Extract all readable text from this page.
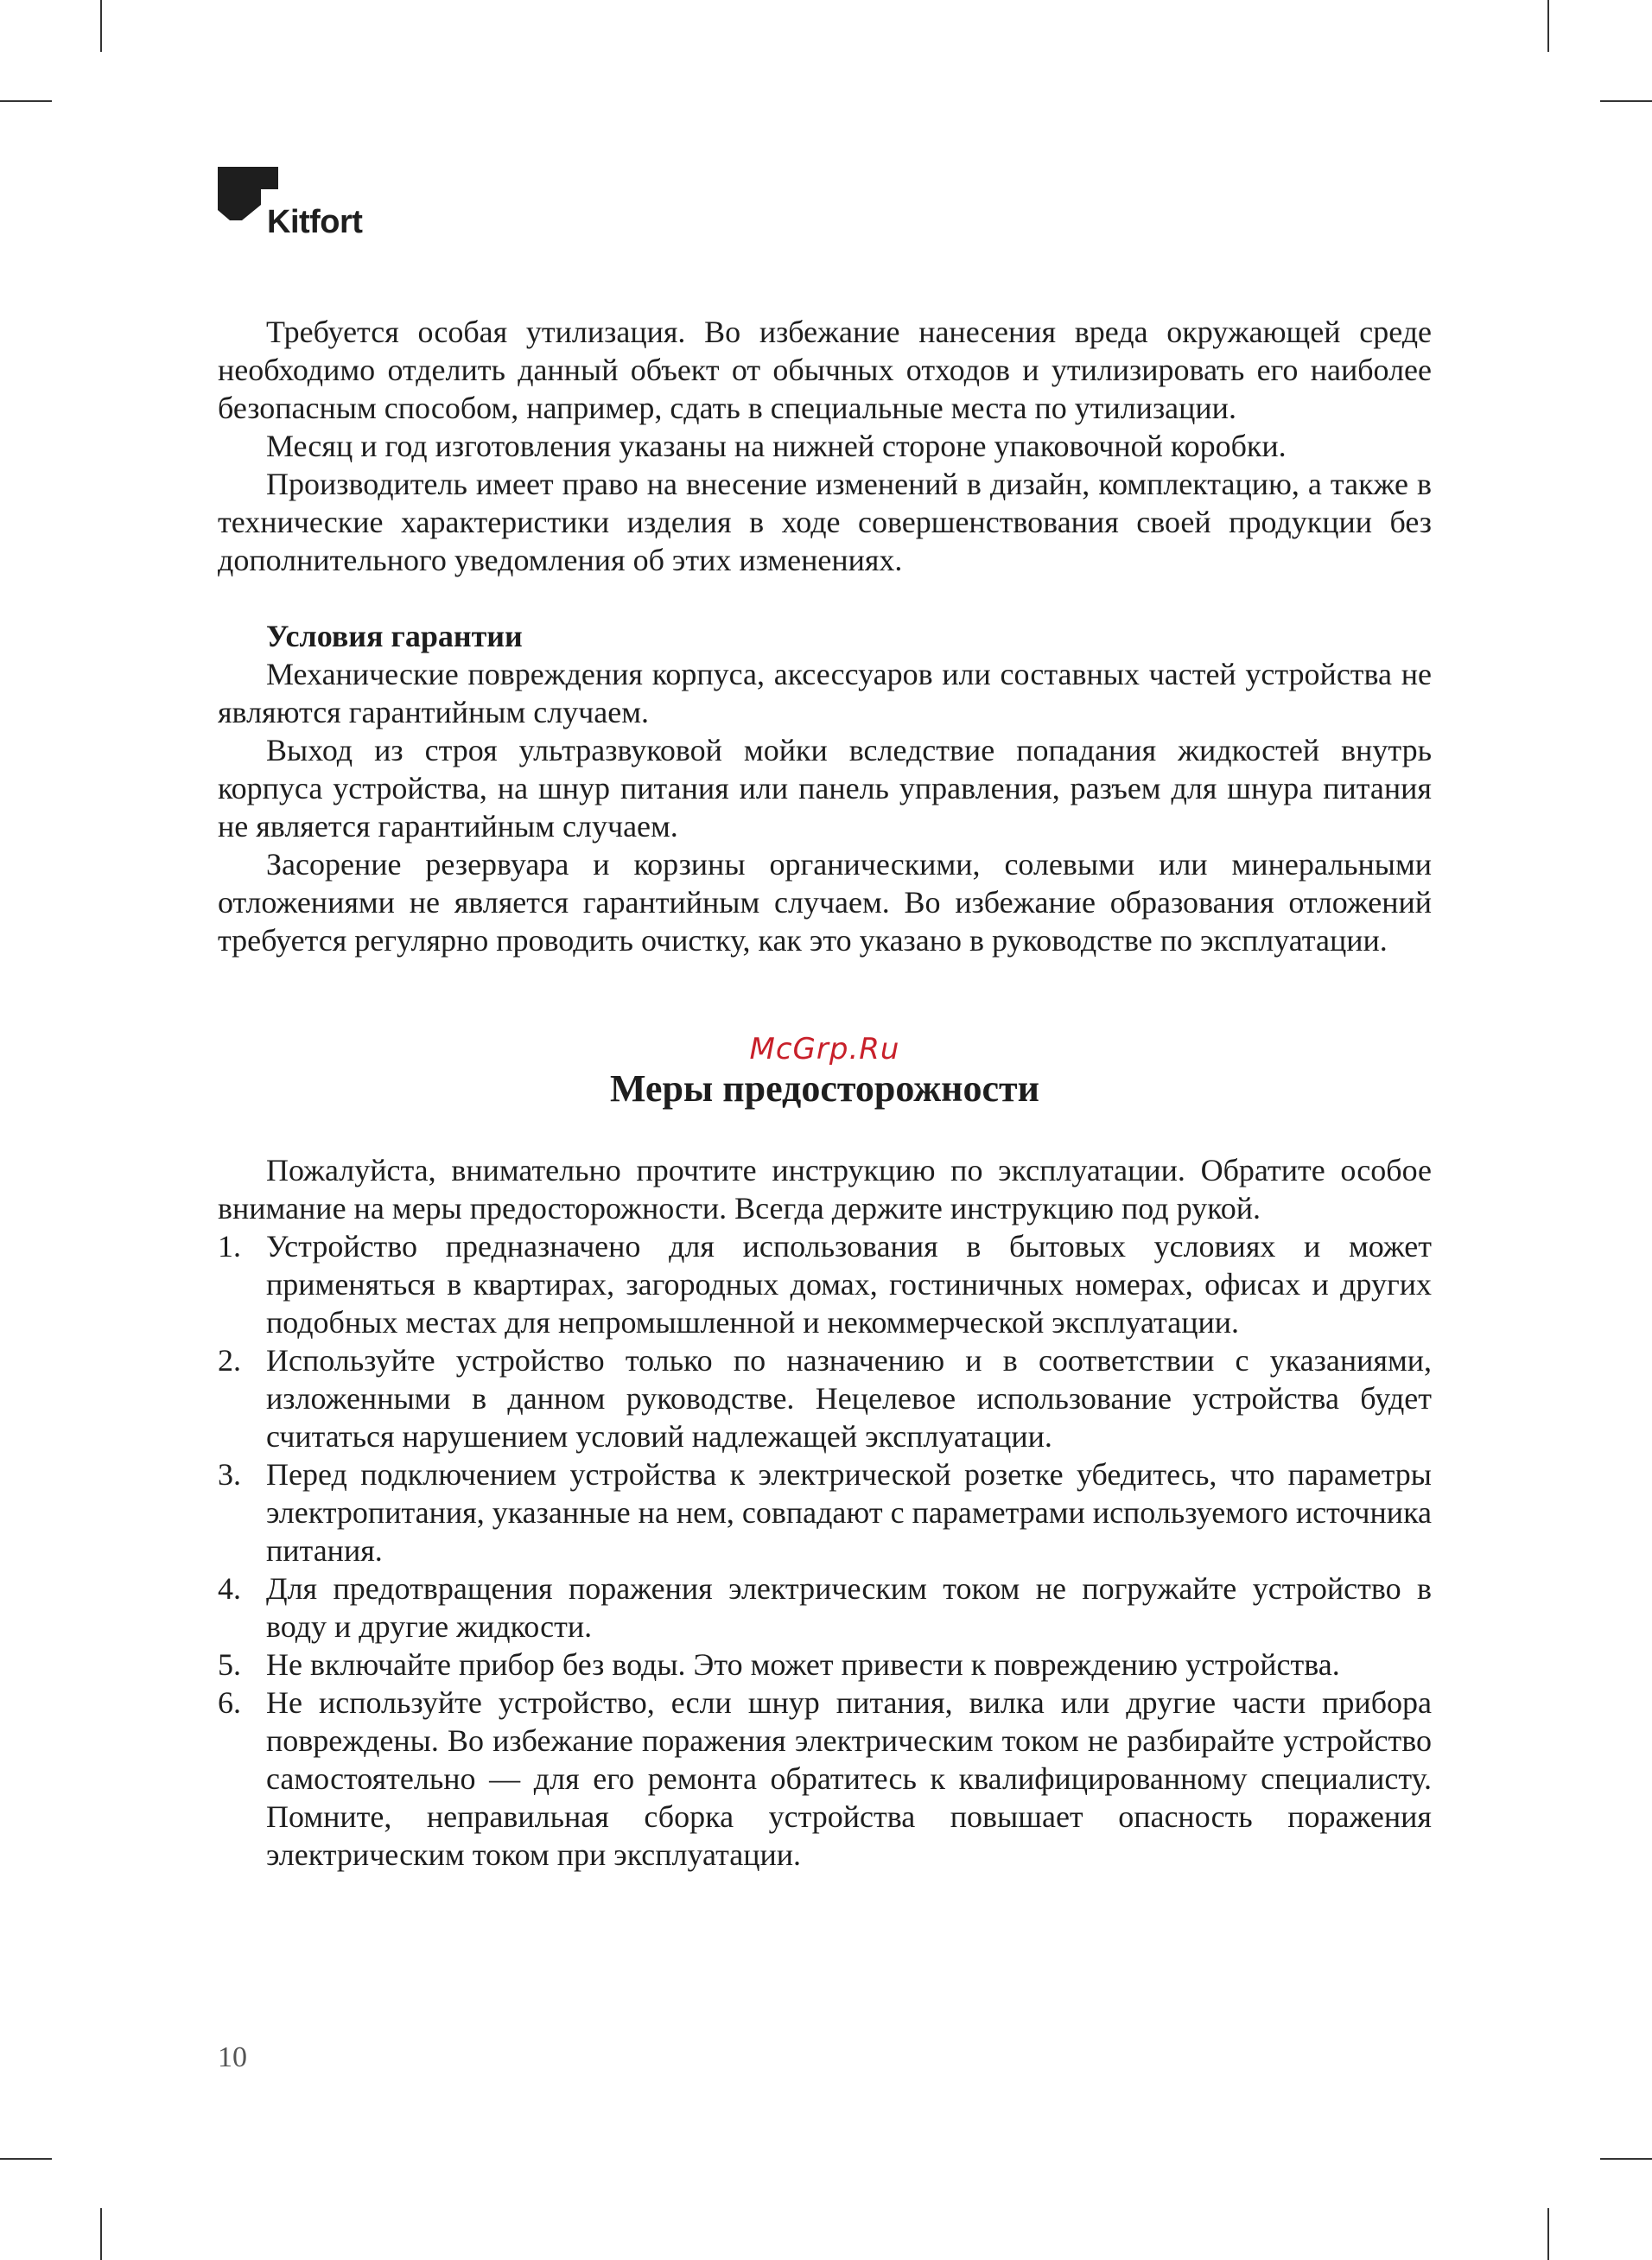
Kitfort

Требуется особая утилизация. Во избежание нанесения вреда окружающей среде необходимо отделить данный объект от обычных отходов и утилизировать его наиболее безопасным способом, например, сдать в специальные места по утилизации.

Месяц и год изготовления указаны на нижней стороне упаковочной коробки.

Производитель имеет право на внесение изменений в дизайн, комплектацию, а также в технические характеристики изделия в ходе совершенствования своей продукции без дополнительного уведомления об этих изменениях.

Условия гарантии

Механические повреждения корпуса, аксессуаров или составных частей устройства не являются гарантийным случаем.

Выход из строя ультразвуковой мойки вследствие попадания жидкостей внутрь корпуса устройства, на шнур питания или панель управления, разъем для шнура питания не является гарантийным случаем.

Засорение резервуара и корзины органическими, солевыми или минеральными отложениями не является гарантийным случаем. Во избежание образования отложений требуется регулярно проводить очистку, как это указано в руководстве по эксплуатации.

McGrp.Ru
Меры предосторожности

Пожалуйста, внимательно прочтите инструкцию по эксплуатации. Обратите особое внимание на меры предосторожности. Всегда держите инструкцию под рукой.

1. Устройство предназначено для использования в бытовых условиях и может применяться в квартирах, загородных домах, гостиничных номерах, офисах и других подобных местах для непромышленной и некоммерческой эксплуатации.
2. Используйте устройство только по назначению и в соответствии с указаниями, изложенными в данном руководстве. Нецелевое использование устройства будет считаться нарушением условий надлежащей эксплуатации.
3. Перед подключением устройства к электрической розетке убедитесь, что параметры электропитания, указанные на нем, совпадают с параметрами используемого источника питания.
4. Для предотвращения поражения электрическим током не погружайте устройство в воду и другие жидкости.
5. Не включайте прибор без воды. Это может привести к повреждению устройства.
6. Не используйте устройство, если шнур питания, вилка или другие части прибора повреждены. Во избежание поражения электрическим током не разбирайте устройство самостоятельно — для его ремонта обратитесь к квалифицированному специалисту. Помните, неправильная сборка устройства повышает опасность поражения электрическим током при эксплуатации.
10
